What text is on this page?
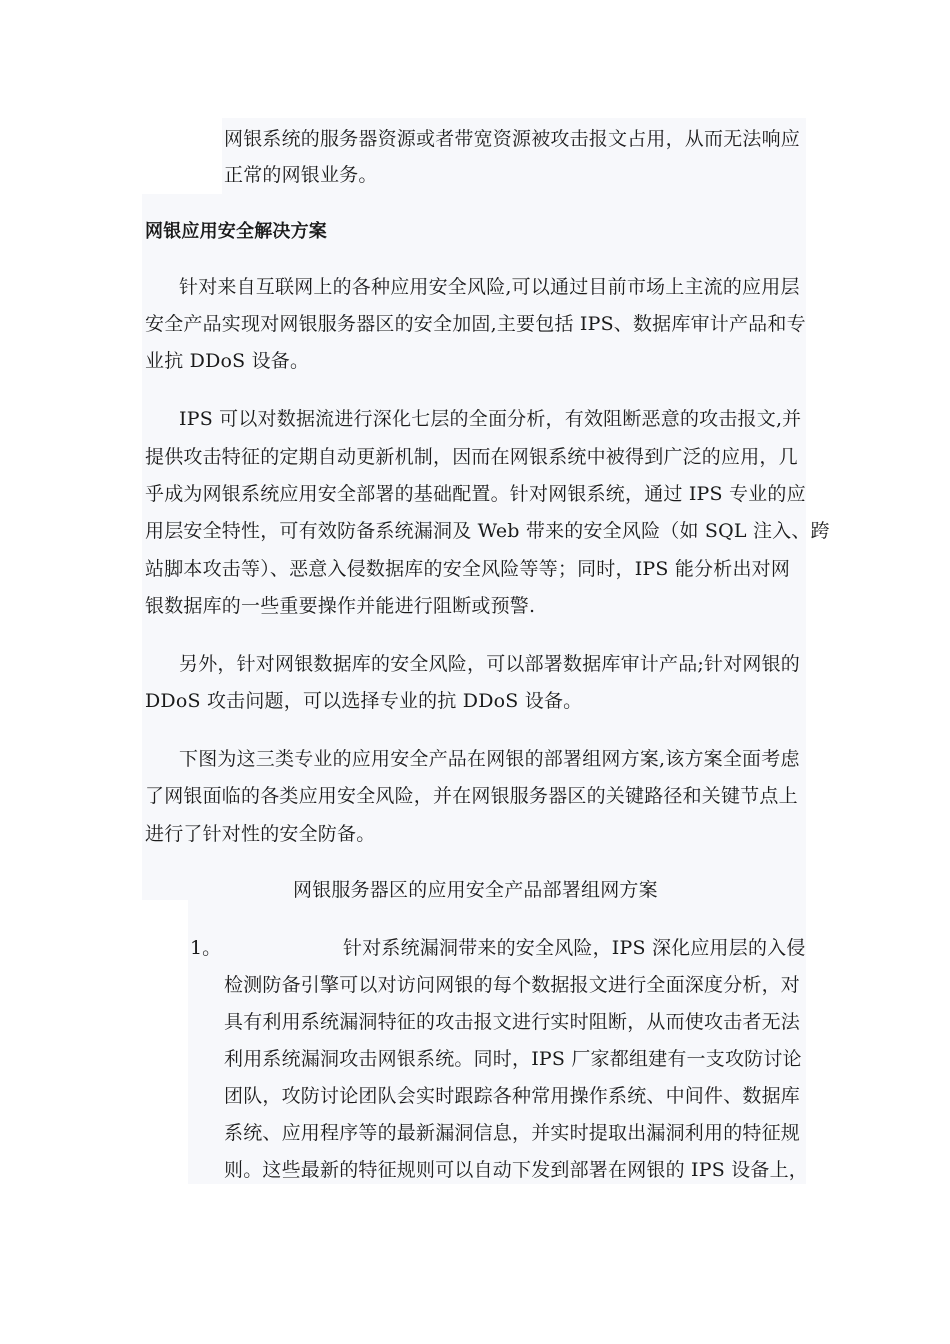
网银系统的服务器资源或者带宽资源被攻击报文占用，从而无法响应
正常的网银业务。
网银应用安全解决方案
针对来自互联网上的各种应用安全风险,可以通过目前市场上主流的应用层
安全产品实现对网银服务器区的安全加固,主要包括 IPS、数据库审计产品和专
业抗 DDoS 设备。
IPS 可以对数据流进行深化七层的全面分析，有效阻断恶意的攻击报文,并
提供攻击特征的定期自动更新机制，因而在网银系统中被得到广泛的应用，几
乎成为网银系统应用安全部署的基础配置。针对网银系统，通过 IPS 专业的应
用层安全特性，可有效防备系统漏洞及 Web 带来的安全风险（如 SQL 注入、跨
站脚本攻击等）、恶意入侵数据库的安全风险等等；同时，IPS 能分析出对网
银数据库的一些重要操作并能进行阻断或预警.
另外，针对网银数据库的安全风险，可以部署数据库审计产品;针对网银的
DDoS 攻击问题，可以选择专业的抗 DDoS 设备。
下图为这三类专业的应用安全产品在网银的部署组网方案,该方案全面考虑
了网银面临的各类应用安全风险，并在网银服务器区的关键路径和关键节点上
进行了针对性的安全防备。
网银服务器区的应用安全产品部署组网方案
1。	针对系统漏洞带来的安全风险，IPS 深化应用层的入侵
检测防备引擎可以对访问网银的每个数据报文进行全面深度分析，对
具有利用系统漏洞特征的攻击报文进行实时阻断，从而使攻击者无法
利用系统漏洞攻击网银系统。同时，IPS 厂家都组建有一支攻防讨论
团队，攻防讨论团队会实时跟踪各种常用操作系统、中间件、数据库
系统、应用程序等的最新漏洞信息，并实时提取出漏洞利用的特征规
则。这些最新的特征规则可以自动下发到部署在网银的 IPS 设备上，
